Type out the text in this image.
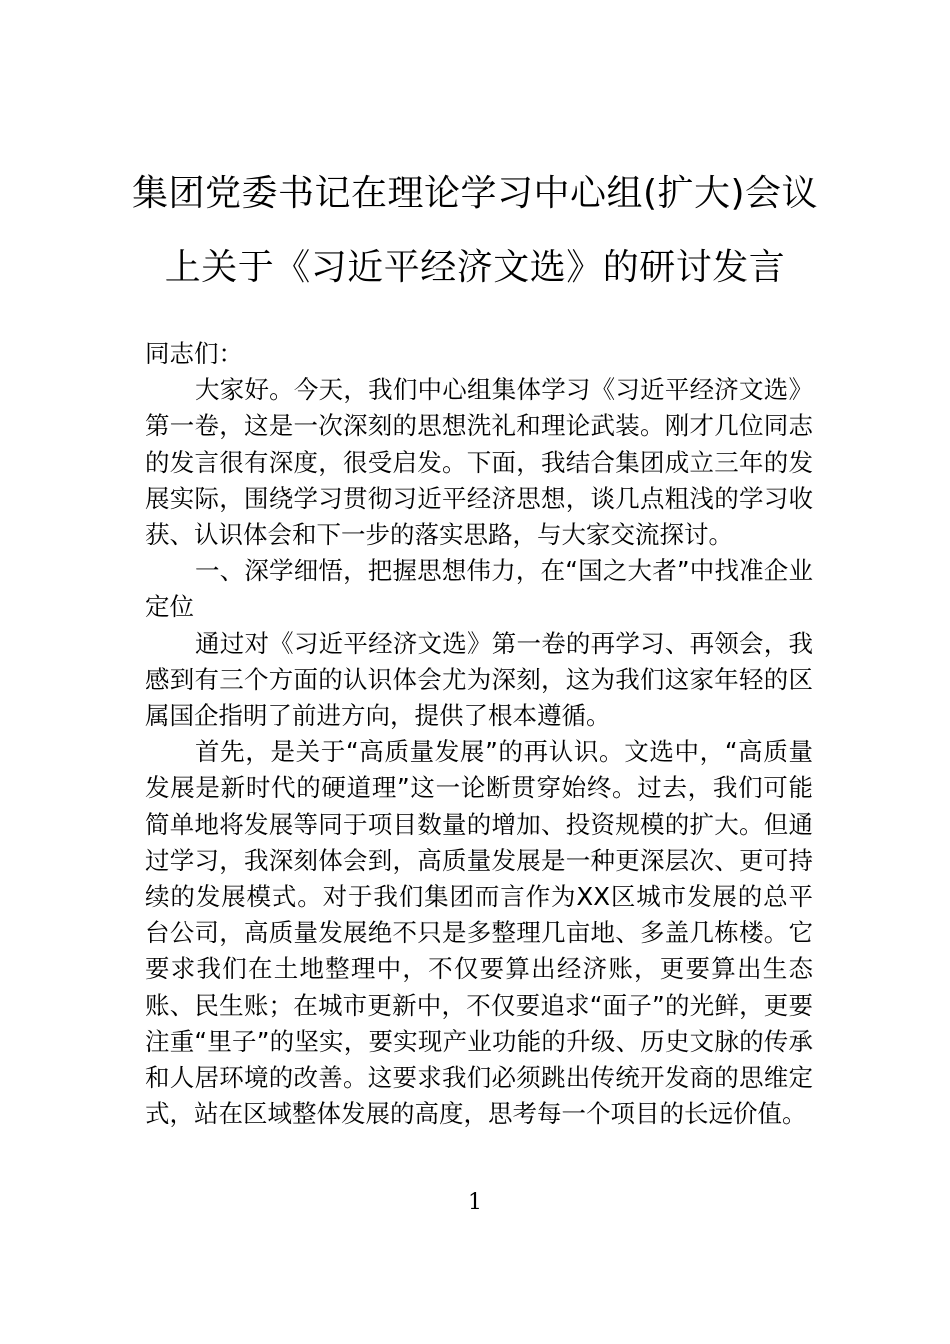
集团党委书记在理论学习中心组(扩大)会议
上关于《习近平经济文选》的研讨发言

同志们：

大家好。今天，我们中心组集体学习《习近平经济文选》第一卷，这是一次深刻的思想洗礼和理论武装。刚才几位同志的发言很有深度，很受启发。下面，我结合集团成立三年的发展实际，围绕学习贯彻习近平经济思想，谈几点粗浅的学习收获、认识体会和下一步的落实思路，与大家交流探讨。

一、深学细悟，把握思想伟力，在“国之大者”中找准企业定位

通过对《习近平经济文选》第一卷的再学习、再领会，我感到有三个方面的认识体会尤为深刻，这为我们这家年轻的区属国企指明了前进方向，提供了根本遵循。

首先，是关于“高质量发展”的再认识。文选中，“高质量发展是新时代的硬道理”这一论断贯穿始终。过去，我们可能简单地将发展等同于项目数量的增加、投资规模的扩大。但通过学习，我深刻体会到，高质量发展是一种更深层次、更可持续的发展模式。对于我们集团而言作为XX区城市发展的总平台公司，高质量发展绝不只是多整理几亩地、多盖几栋楼。它要求我们在土地整理中，不仅要算出经济账，更要算出生态账、民生账；在城市更新中，不仅要追求“面子”的光鲜，更要注重“里子”的坚实，要实现产业功能的升级、历史文脉的传承和人居环境的改善。这要求我们必须跳出传统开发商的思维定式，站在区域整体发展的高度，思考每一个项目的长远价值。

1
